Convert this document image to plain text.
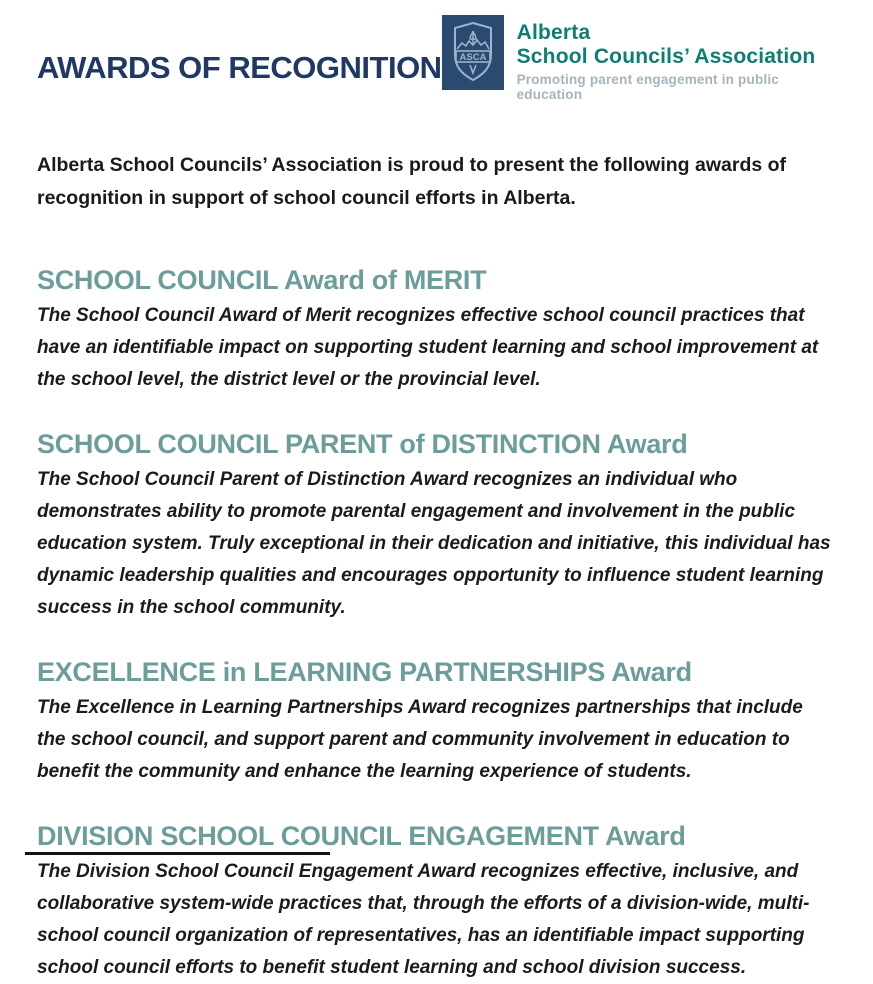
AWARDS OF RECOGNITION ASCA
Alberta
School Councils’ Association
Promoting parent engagement in public education

Alberta School Councils’ Association is proud to present the following awards of recognition in support of school council efforts in Alberta.

SCHOOL COUNCIL Award of MERIT

The School Council Award of Merit recognizes effective school council practices that have an identifiable impact on supporting student learning and school improvement at the school level, the district level or the provincial level.

SCHOOL COUNCIL PARENT of DISTINCTION Award

The School Council Parent of Distinction Award recognizes an individual who demonstrates ability to promote parental engagement and involvement in the public education system. Truly exceptional in their dedication and initiative, this individual has dynamic leadership qualities and encourages opportunity to influence student learning success in the school community.

EXCELLENCE in LEARNING PARTNERSHIPS Award

The Excellence in Learning Partnerships Award recognizes partnerships that include the school council, and support parent and community involvement in education to benefit the community and enhance the learning experience of students.

DIVISION SCHOOL COUNCIL ENGAGEMENT Award

The Division School Council Engagement Award recognizes effective, inclusive, and collaborative system-wide practices that, through the efforts of a division-wide, multi-school council organization of representatives, has an identifiable impact supporting school council efforts to benefit student learning and school division success.
